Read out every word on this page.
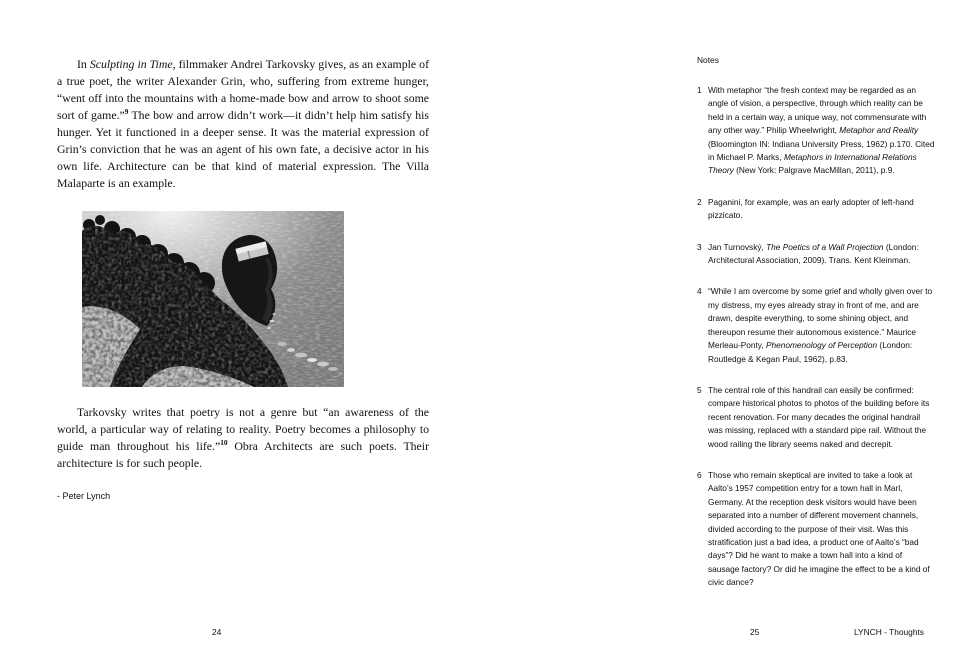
In Sculpting in Time, filmmaker Andrei Tarkovsky gives, as an example of a true poet, the writer Alexander Grin, who, suffering from extreme hunger, “went off into the mountains with a home-made bow and arrow to shoot some sort of game.”$^9$ The bow and arrow didn’t work—it didn’t help him satisfy his hunger. Yet it functioned in a deeper sense. It was the material expression of Grin’s conviction that he was an agent of his own fate, a decisive actor in his own life. Architecture can be that kind of material expression. The Villa Malaparte is an example.

Tarkovsky writes that poetry is not a genre but “an awareness of the world, a particular way of relating to reality. Poetry becomes a philosophy to guide man throughout his life.”$^{10}$ Obra Architects are such poets. Their architecture is for such people.

- Peter Lynch

24
Notes
1 With metaphor “the fresh context may be regarded as an angle of vision, a perspective, through which reality can be held in a certain way, a unique way, not commensurate with any other way.” Philip Wheelwright, Metaphor and Reality (Bloomington IN: Indiana University Press, 1962) p.170. Cited in Michael P. Marks, Metaphors in International Relations Theory (New York: Palgrave MacMillan, 2011), p.9.
2 Paganini, for example, was an early adopter of left-hand pizzicato.
3 Jan Turnovský, The Poetics of a Wall Projection (London: Architectural Association, 2009). Trans. Kent Kleinman.
4 “While I am overcome by some grief and wholly given over to my distress, my eyes already stray in front of me, and are drawn, despite everything, to some shining object, and thereupon resume their autonomous existence.” Maurice Merleau-Ponty, Phenomenology of Perception (London: Routledge & Kegan Paul, 1962), p.83.
5 The central role of this handrail can easily be confirmed: compare historical photos to photos of the building before its recent renovation. For many decades the original handrail was missing, replaced with a standard pipe rail. Without the wood railing the library seems naked and decrepit.
6 Those who remain skeptical are invited to take a look at Aalto’s 1957 competition entry for a town hall in Marl, Germany. At the reception desk visitors would have been separated into a number of different movement channels, divided according to the purpose of their visit. Was this stratification just a bad idea, a product one of Aalto’s “bad days”? Did he want to make a town hall into a kind of sausage factory? Or did he imagine the effect to be a kind of civic dance?
25	LYNCH - Thoughts
